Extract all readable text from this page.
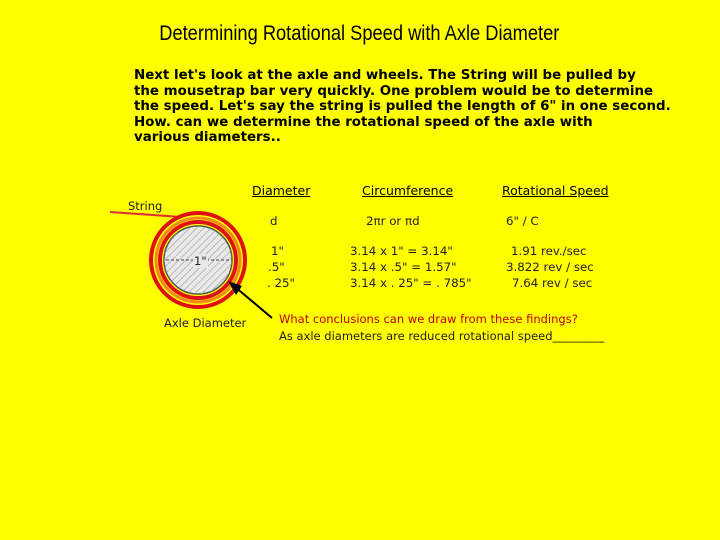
Determining Rotational Speed with Axle Diameter
Next let's look at the axle and wheels. The String will be pulled by
the mousetrap bar very quickly. One problem would be to determine
the speed. Let's say the string is pulled the length of 6" in one second.
How. can we determine the rotational speed of the axle with
various diameters..
String
1"
Axle Diameter
Diameter	Circumference	Rotational Speed
d	2πr or πd	6" / C
1"	3.14 x 1" = 3.14"	1.91 rev./sec
.5"	3.14 x .5" = 1.57"	3.822 rev / sec
. 25"	3.14 x . 25" = . 785"	7.64 rev / sec
What conclusions can we draw from these findings?
As axle diameters are reduced rotational speed_________
